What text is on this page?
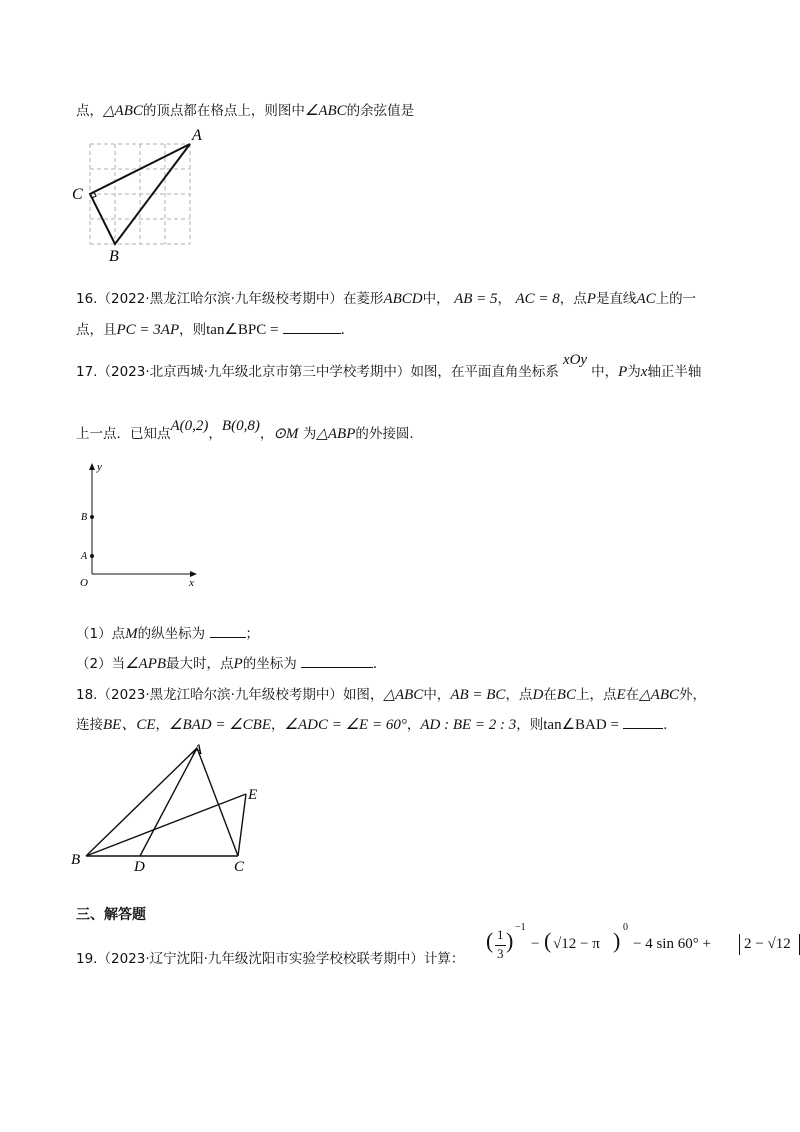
点，△ABC的顶点都在格点上，则图中∠ABC的余弦值是
A
C
B
16.（2022·黑龙江哈尔滨·九年级校考期中）在菱形ABCD中， AB = 5， AC = 8，点P是直线AC上的一
点，且PC = 3AP，则tan∠BPC =	.
17.（2023·北京西城·九年级北京市第三中学校考期中）如图，在平面直角坐标系xOy中，P为x轴正半轴
上一点．已知点A(0,2)，B(0,8)，⊙M 为△ABP的外接圆.
y
x
O
B
A
（1）点M的纵坐标为	；
（2）当∠APB最大时，点P的坐标为	.
18.（2023·黑龙江哈尔滨·九年级校考期中）如图，△ABC中，AB = BC，点D在BC上，点E在△ABC外，
连接BE、CE，∠BAD = ∠CBE，∠ADC = ∠E = 60°，AD : BE = 2 : 3，则tan∠BAD =	.
A
B	D	C
E
三、解答题
19.（2023·辽宁沈阳·九年级沈阳市实验学校校联考期中）计算：
( 1
3
)
−1
− ( √12 − π )
0
− 4 sin 60° + 2 − √12
